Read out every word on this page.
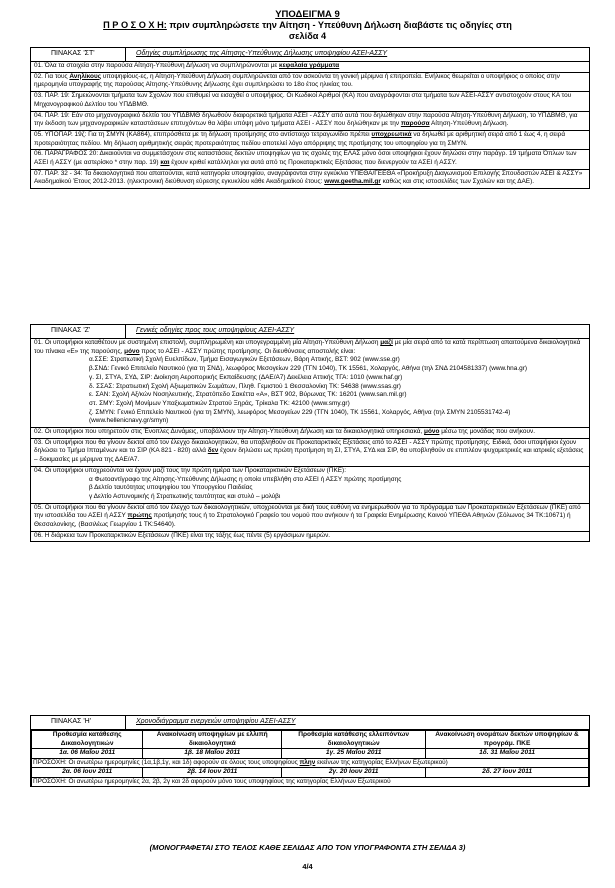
ΥΠΟΔΕΙΓΜΑ 9
Π Ρ Ο Σ Ο Χ Η: πριν συμπληρώσετε την Αίτηση - Υπεύθυνη Δήλωση διαβάστε τις οδηγίες στη
σελίδα 4
ΠΙΝΑΚΑΣ 'ΣΤ'	Οδηγίες συμπλήρωσης της Αίτησης-Υπεύθυνης Δήλωσης υποψηφίου ΑΣΕΙ-ΑΣΣΥ
01. Όλα τα στοιχεία στην παρούσα Αίτηση-Υπεύθυνη Δήλωση να συμπληρώνονται με κεφαλαία γράμματα
02. Για τους Ανηλίκους υποψηφίους-ες, η Αίτηση-Υπεύθυνη Δήλωση συμπληρώνεται από τον ασκούντα τη γονική μέριμνα ή επιτροπεία. Ενήλικος θεωρείται ο υποψήφιος ο οποίος στην ημερομηνία υπογραφής της παρούσας Αίτησης-Υπεύθυνης Δήλωσης έχει συμπληρώσει το 18ο έτος ηλικίας του.
03. ΠΑΡ. 19: Σημειώνονται τμήματα των Σχολών που επιθυμεί να εισαχθεί ο υποψήφιος. Οι Κωδικοί Αριθμοί (ΚΑ) που αναγράφονται στα τμήματα των ΑΣΕΙ-ΑΣΣΥ αντιστοιχούν στους ΚΑ του Μηχανογραφικού Δελτίου του ΥΠΔΒΜΘ.
04. ΠΑΡ. 19: Εάν στο μηχανογραφικό δελτίο του ΥΠΔΒΜΘ δηλωθούν διαφορετικά τμήματα ΑΣΕΙ - ΑΣΣΥ από αυτά που δηλώθηκαν στην παρούσα Αίτηση-Υπεύθυνη Δήλωση, το ΥΠΔΒΜΘ, για την έκδοση των μηχανογραφικών καταστάσεων επιτυχόντων θα λάβει υπόψη μόνο τμήματα ΑΣΕΙ - ΑΣΣΥ που δηλώθηκαν με την παρούσα Αίτηση-Υπεύθυνη Δήλωση.
05. ΥΠΟΠΑΡ. 19ζ: Για τη ΣΜΥΝ (ΚΑ864), επιπρόσθετα με τη δήλωση προτίμησης στο αντίστοιχο τετραγωνίδιο πρέπει υποχρεωτικά να δηλωθεί με αριθμητική σειρά από 1 έως 4, η σειρά προτεραιότητας πεδίου. Μη δήλωση αριθμητικής σειράς προτεραιότητας πεδίου αποτελεί λόγο απόρριψης της προτίμησης του υποψηφίου για τη ΣΜΥΝ.
06. ΠΑΡΑΓΡΑΦΟΣ 20: Δικαιούνται να συμμετάσχουν στις καταστάσεις δεκτών υποψηφίων για τις σχολές της ΕΛΑΣ μόνο όσοι υποψήφιοι έχουν δηλώσει στην παράγρ. 19 τμήματα Όπλων των ΑΣΕΙ ή ΑΣΣΥ (με αστερίσκο * στην παρ. 19) και έχουν κριθεί κατάλληλοι για αυτά από τις Προκαταρκτικές Εξετάσεις που διενεργούν τα ΑΣΕΙ ή ΑΣΣΥ.
07. ΠΑΡ. 32 - 34: Τα δικαιολογητικά που απαιτούνται, κατά κατηγορία υποψηφίου, αναγράφονται στην εγκύκλιο ΥΠΕΘΑ/ΓΕΕΘΑ «Προκήρυξη Διαγωνισμού Επιλογής Σπουδαστών ΑΣΕΙ & ΑΣΣΥ» Ακαδημαϊκού Έτους 2012-2013. (ηλεκτρονική διεύθυνση εύρεσης εγκυκλίου κάθε Ακαδημαϊκού έτους: www.geetha.mil.gr καθώς και στις ιστοσελίδες των Σχολών και της ΔΑΕ).
ΠΙΝΑΚΑΣ 'Ζ'	Γενικές οδηγίες προς τους υποψηφίους ΑΣΕΙ-ΑΣΣΥ
01. Οι υποψήφιοι καταθέτουν με συστημένη επιστολή, συμπληρωμένη και υπογεγραμμένη μία Αίτηση-Υπεύθυνη Δήλωση μαζί με μία σειρά από τα κατά περίπτωση απαιτούμενα δικαιολογητικά του πίνακα «Ε» της παρούσης, μόνο προς το ΑΣΕΙ - ΑΣΣΥ πρώτης προτίμησης. Οι διευθύνσεις αποστολής είναι:
α.ΣΣΕ: Στρατιωτική Σχολή Ευελπίδων, Τμήμα Εισαγωγικών Εξετάσεων, Βάρη Αττικής, ΒΣΤ: 902 (www.sse.gr)
β.ΣΝΔ: Γενικό Επιτελείο Ναυτικού (για τη ΣΝΔ), λεωφόρος Μεσογείων 229 (ΤΓΝ 1040), ΤΚ 15561, Χολαργός, Αθήνα (τηλ ΣΝΔ 2104581337) (www.hna.gr)
γ. ΣΙ, ΣΤΥΑ, ΣΥΔ, ΣΙΡ: Διοίκηση Αεροπορικής Εκπαίδευσης (ΔΑΕ/Α7) Δεκέλεια Αττικής ΤΓΑ: 1010 (www.haf.gr)
δ. ΣΣΑΣ: Στρατιωτική Σχολή Αξιωματικών Σωμάτων, Πληθ. Γεμιστού 1 Θεσσαλονίκη ΤΚ: 54638 (www.ssas.gr)
ε. ΣΑΝ: Σχολή Αξ/κών Νοσηλευτικής, Στρατόπεδο Σακέττα «Α», ΒΣΤ 902, Βύρωνας ΤΚ: 16201 (www.san.mil.gr)
στ. ΣΜΥ: Σχολή Μονίμων Υπαξιωματικών Στρατού Ξηράς, Τρίκαλα ΤΚ: 42100 (www.smy.gr)
ζ. ΣΜΥΝ: Γενικό Επιτελείο Ναυτικού (για τη ΣΜΥΝ), λεωφόρος Μεσογείων 229 (ΤΓΝ 1040), ΤΚ 15561, Χολαργός, Αθήνα (τηλ ΣΜΥΝ 2105531742-4) (www.hellenicnavy.gr/smyn)
02. Οι υποψήφιοι που υπηρετούν στις Ένοπλες Δυνάμεις, υποβάλλουν την Αίτηση-Υπεύθυνη Δήλωση και τα δικαιολογητικά υπηρεσιακά, μόνο μέσω της μονάδας που ανήκουν.
03. Οι υποψήφιοι που θα γίνουν δεκτοί από τον έλεγχο δικαιολογητικών, θα υποβληθούν σε Προκαταρκτικές Εξετάσεις από το ΑΣΕΙ - ΑΣΣΥ πρώτης προτίμησης. Ειδικά, όσοι υποψήφιοι έχουν δηλώσει το Τμήμα Ιπταμένων και το ΣΙΡ (ΚΑ 821 - 820) αλλά δεν έχουν δηλώσει ως πρώτη προτίμηση τη ΣΙ, ΣΤΥΑ, ΣΥΔ και ΣΙΡ, θα υποβληθούν σε επιπλέον ψυχομετρικές και ιατρικές εξετάσεις – δοκιμασίες με μέριμνα της ΔΑΕ/Α7.
04. Οι υποψήφιοι υποχρεούνται να έχουν μαζί τους την πρώτη ημέρα των Προκαταρκτικών Εξετάσεων (ΠΚΕ):
α Φωτοαντίγραφο της Αίτησης-Υπεύθυνης Δήλωσης η οποία υπεβλήθη στο ΑΣΕΙ ή ΑΣΣΥ πρώτης προτίμησης
β Δελτίο ταυτότητας υποψηφίου του Υπουργείου Παιδείας
γ Δελτίο Αστυνομικής ή Στρατιωτικής ταυτότητας και στυλό – μολύβι
05. Οι υποψήφιοι που θα γίνουν δεκτοί από τον έλεγχο των δικαιολογητικών, υποχρεούνται με δική τους ευθύνη να ενημερωθούν για το πρόγραμμα των Προκαταρκτικών Εξετάσεων (ΠΚΕ) από την ιστοσελίδα του ΑΣΕΙ ή ΑΣΣΥ πρώτης προτίμησής τους ή το Στρατολογικό Γραφείο του νομού που ανήκουν ή τα Γραφεία Ενημέρωσης Κοινού ΥΠΕΘΑ Αθηνών (Σόλωνος 34 ΤΚ:10671) ή Θεσσαλονίκης, (Βασιλέως Γεωργίου 1 ΤΚ:54640).
06. Η διάρκεια των Προκαταρκτικών Εξετάσεων (ΠΚΕ) είναι της τάξης έως πέντε (5) εργάσιμων ημερών.
ΠΙΝΑΚΑΣ 'Η'	Χρονοδιάγραμμα ενεργειών υποψηφίου ΑΣΕΙ-ΑΣΣΥ
Προθεσμία κατάθεσης Δικαιολογητικών	Ανακοίνωση υποψηφίων με ελλιπή δικαιολογητικά	Προθεσμία κατάθεσης ελλειπόντων δικαιολογητικών	Ανακοίνωση ονομάτων δεκτών υποψηφίων & προγράμ. ΠΚΕ
1α. 06 Μαΐου 2011	1β. 18 Μαΐου 2011	1γ. 25 Μαΐου 2011	1δ. 31 Μαΐου 2011
ΠΡΟΣΟΧΗ: Οι ανωτέρω ημερομηνίες (1α,1β,1γ, και 1δ) αφορούν σε όλους τους υποψηφίους πλην εκείνων της κατηγορίας Ελλήνων Εξωτερικού)			
2α. 06 Ιουν 2011	2β. 14 Ιουν 2011	2γ. 20 Ιουν 2011	2δ. 27 Ιουν 2011
ΠΡΟΣΟΧΗ: Οι ανωτέρω ημερομηνίες 2α, 2β, 2γ και 2δ αφορούν μόνο τους υποψηφίους της κατηγορίας Ελλήνων Εξωτερικού			
(ΜΟΝΟΓΡΑΦΕΤΑΙ ΣΤΟ ΤΕΛΟΣ ΚΑΘΕ ΣΕΛΙΔΑΣ ΑΠΟ ΤΟΝ ΥΠΟΓΡΑΦΟΝΤΑ ΣΤΗ ΣΕΛΙΔΑ 3)
4/4
